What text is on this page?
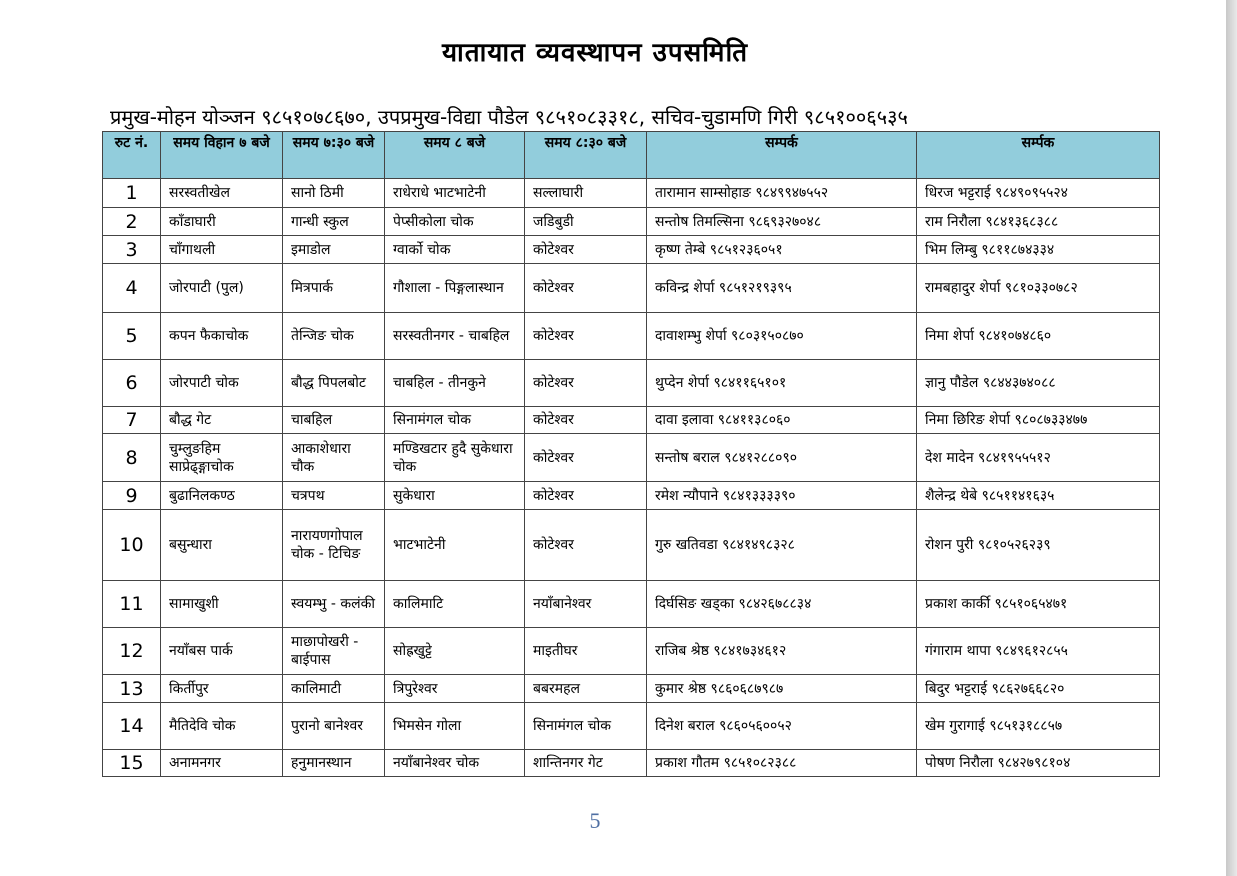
यातायात व्यवस्थापन उपसमिति
प्रमुख-मोहन योञ्जन ९८५१०७८६७०, उपप्रमुख-विद्या पौडेल ९८५१०८३३१८, सचिव-चुडामणि गिरी ९८५१००६५३५
रुट नं.	समय विहान ७ बजे	समय ७:३० बजे	समय ८ बजे	समय ८:३० बजे	सम्पर्क	सर्म्पक
1	सरस्वतीखेल	सानो ठिमी	राधेराधे भाटभाटेनी	सल्लाघारी	तारामान साम्सोहाङ ९८४९९४७५५२	धिरज भट्टराई ९८४९०९५५२४
2	काँडाघारी	गान्धी स्कुल	पेप्सीकोला चोक	जडिबुडी	सन्तोष तिमल्सिना ९८६९३२७०४८	राम निरौला ९८४१३६८३८८
3	चाँगाथली	इमाडोल	ग्वार्को चोक	कोटेश्वर	कृष्ण तेम्बे ९८५१२३६०५१	भिम लिम्बु ९८११८७४३३४
4	जोरपाटी (पुल)	मित्रपार्क	गौशाला - पिङ्गलास्थान	कोटेश्वर	कविन्द्र शेर्पा ९८५१२१९३९५	रामबहादुर शेर्पा ९८१०३३०७८२
5	कपन फैकाचोक	तेन्जिङ चोक	सरस्वतीनगर - चाबहिल	कोटेश्वर	दावाशम्भु शेर्पा ९८०३१५०८७०	निमा शेर्पा ९८४१०७४८६०
6	जोरपाटी चोक	बौद्ध पिपलबोट	चाबहिल - तीनकुने	कोटेश्वर	थुप्देन शेर्पा ९८४११६५१०१	ज्ञानु पौडेल ९८४४३७४०८८
7	बौद्ध गेट	चाबहिल	सिनामंगल चोक	कोटेश्वर	दावा इलावा ९८४११३८०६०	निमा छिरिङ शेर्पा ९८०८७३३४७७
8	चुम्लुङहिम साप्रेढ्ङ्गाचोक	आकाशेधारा चौक	मण्डिखटार हुदै सुकेधारा चोक	कोटेश्वर	सन्तोष बराल ९८४१२८८०९०	देश मादेन ९८४१९५५५१२
9	बुढानिलकण्ठ	चत्रपथ	सुकेधारा	कोटेश्वर	रमेश न्यौपाने ९८४१३३३३९०	शैलेन्द्र थेबे ९८५११४१६३५
10	बसुन्धारा	नारायणगोपाल चोक - टिचिङ	भाटभाटेनी	कोटेश्वर	गुरु खतिवडा ९८४१४९८३२८	रोशन पुरी ९८१०५२६२३९
11	सामाखुशी	स्वयम्भु - कलंकी	कालिमाटि	नयाँबानेश्वर	दिर्घसिङ खड्का ९८४२६७८८३४	प्रकाश कार्की ९८५१०६५४७१
12	नयाँबस पार्क	माछापोखरी - बाईपास	सोह्रखुट्टे	माइतीघर	राजिब श्रेष्ठ ९८४१७३४६१२	गंगाराम थापा ९८४९६१२८५५
13	किर्तीपुर	कालिमाटी	त्रिपुरेश्वर	बबरमहल	कुमार श्रेष्ठ ९८६०६८७९८७	बिदुर भट्टराई ९८६२७६६८२०
14	मैतिदेवि चोक	पुरानो बानेश्वर	भिमसेन गोला	सिनामंगल चोक	दिनेश बराल ९८६०५६००५२	खेम गुरागाई ९८५१३१८८५७
15	अनामनगर	हनुमानस्थान	नयाँबानेश्वर चोक	शान्तिनगर गेट	प्रकाश गौतम ९८५१०८२३८८	पोषण निरौला ९८४२७९८१०४
5
